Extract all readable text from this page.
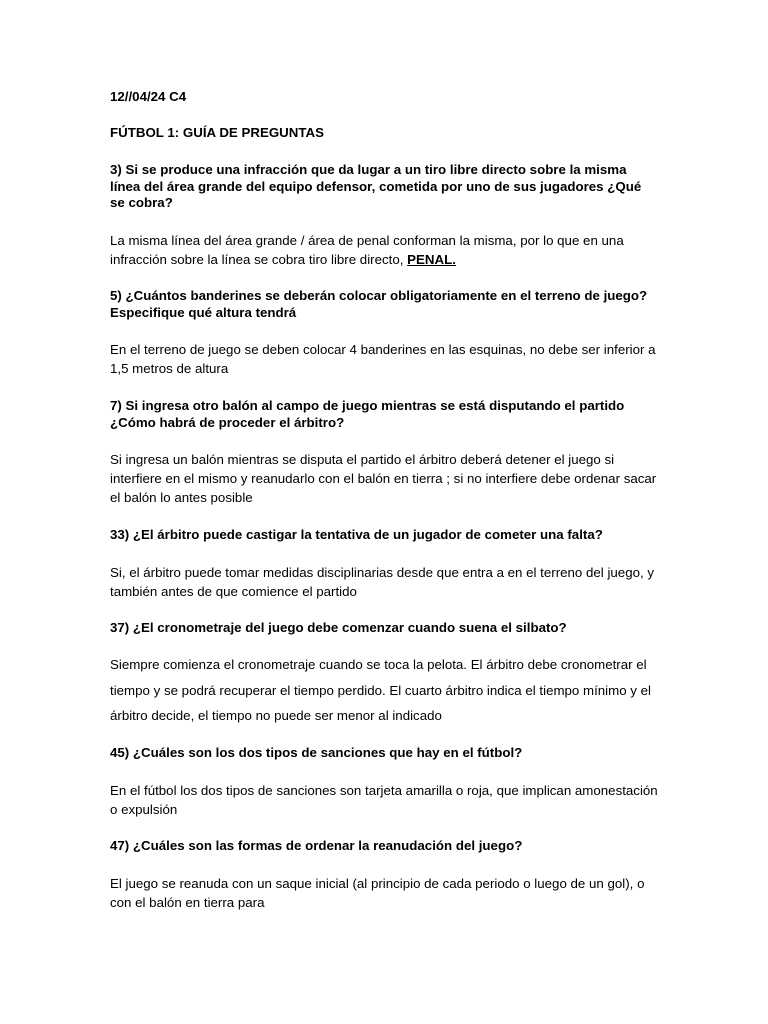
12//04/24 C4

FÚTBOL 1: GUÍA DE PREGUNTAS

3) Si se produce una infracción que da lugar a un tiro libre directo sobre la misma línea del área grande del equipo defensor, cometida por uno de sus jugadores ¿Qué se cobra?

La misma línea del área grande / área de penal conforman la misma, por lo que en una infracción sobre la línea se cobra tiro libre directo, PENAL.

5) ¿Cuántos banderines se deberán colocar obligatoriamente en el terreno de juego? Especifique qué altura tendrá

En el terreno de juego se deben colocar 4 banderines en las esquinas, no debe ser inferior a 1,5 metros de altura

7) Si ingresa otro balón al campo de juego mientras se está disputando el partido ¿Cómo habrá de proceder el árbitro?

Si ingresa un balón mientras se disputa el partido el árbitro deberá detener el juego si interfiere en el mismo y reanudarlo con el balón en tierra ; si no interfiere debe ordenar sacar el balón lo antes posible

33) ¿El árbitro puede castigar la tentativa de un jugador de cometer una falta?

Si, el árbitro puede tomar medidas disciplinarias desde que entra a en el terreno del juego, y también antes de que comience el partido

37) ¿El cronometraje del juego debe comenzar cuando suena el silbato?

Siempre comienza el cronometraje cuando se toca la pelota. El árbitro debe cronometrar el tiempo y se podrá recuperar el tiempo perdido. El cuarto árbitro indica el tiempo mínimo y el árbitro decide, el tiempo no puede ser menor al indicado

45) ¿Cuáles son los dos tipos de sanciones que hay en el fútbol?

En el fútbol los dos tipos de sanciones son tarjeta amarilla o roja, que implican amonestación o expulsión

47) ¿Cuáles son las formas de ordenar la reanudación del juego?

El juego se reanuda con un saque inicial (al principio de cada periodo o luego de un gol), o con el balón en tierra para
